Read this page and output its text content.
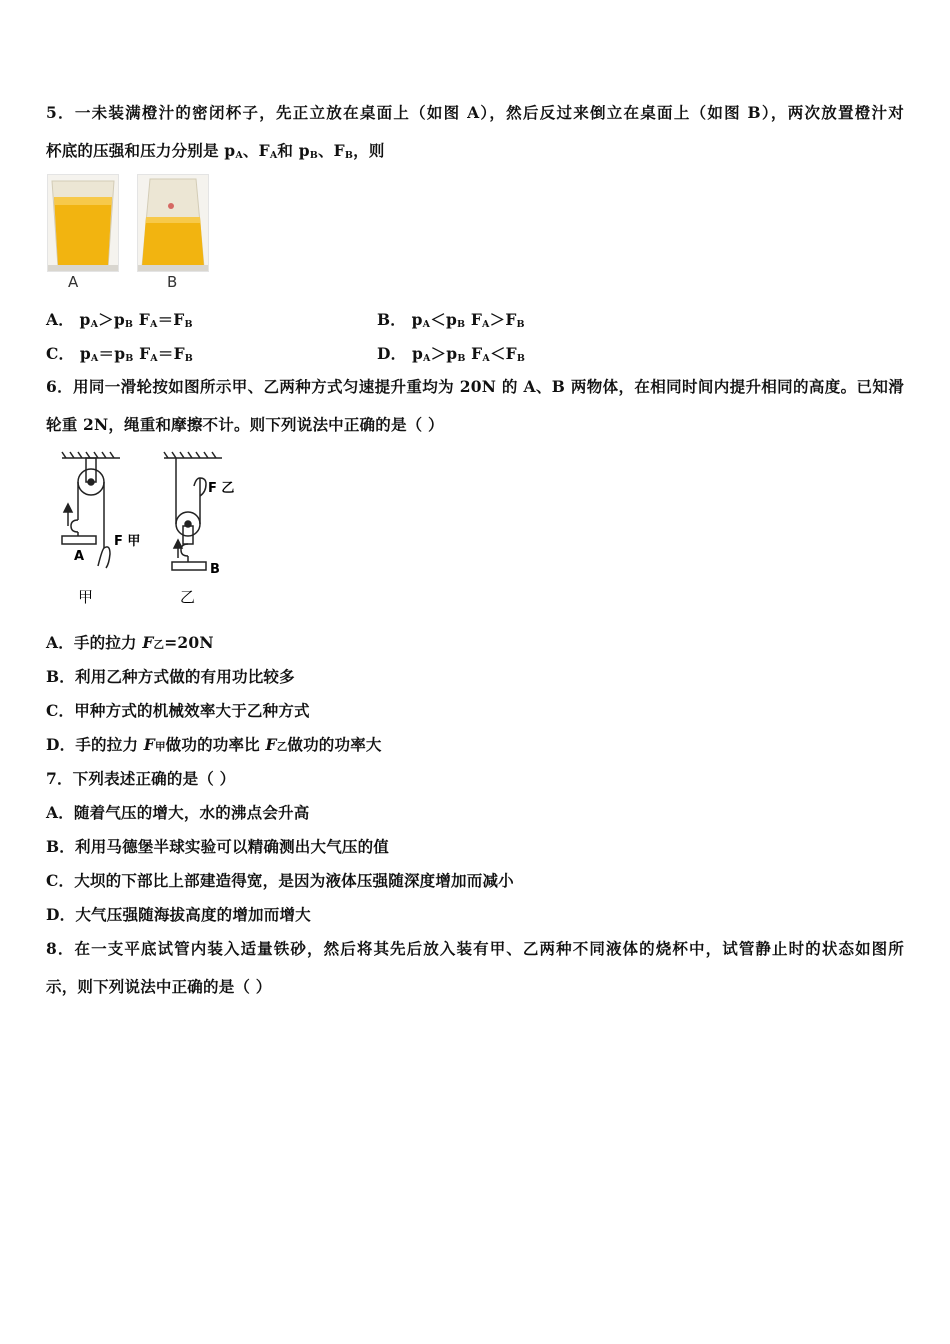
5．一未装满橙汁的密闭杯子，先正立放在桌面上（如图 A），然后反过来倒立在桌面上（如图 B），两次放置橙汁对
杯底的压强和压力分别是 $p_A$、$F_A$和 $p_B$、$F_B$，则
A	B
A． $p_A>p_B$ $F_A=F_B$	B． $p_A<p_B$ $F_A>F_B$
C． $p_A=p_B$ $F_A=F_B$	D． $p_A>p_B$ $F_A<F_B$
6．用同一滑轮按如图所示甲、乙两种方式匀速提升重均为 20N 的 A、B 两物体，在相同时间内提升相同的高度。已知滑
轮重 2N，绳重和摩擦不计。则下列说法中正确的是（ ）
A
F 甲
甲
F 乙
B
乙
A．手的拉力 F乙=20N
B．利用乙种方式做的有用功比较多
C．甲种方式的机械效率大于乙种方式
D．手的拉力 F甲做功的功率比 F乙做功的功率大
7．下列表述正确的是（ ）
A．随着气压的增大，水的沸点会升高
B．利用马德堡半球实验可以精确测出大气压的值
C．大坝的下部比上部建造得宽，是因为液体压强随深度增加而减小
D．大气压强随海拔高度的增加而增大
8．在一支平底试管内装入适量铁砂，然后将其先后放入装有甲、乙两种不同液体的烧杯中，试管静止时的状态如图所
示，则下列说法中正确的是（ ）
